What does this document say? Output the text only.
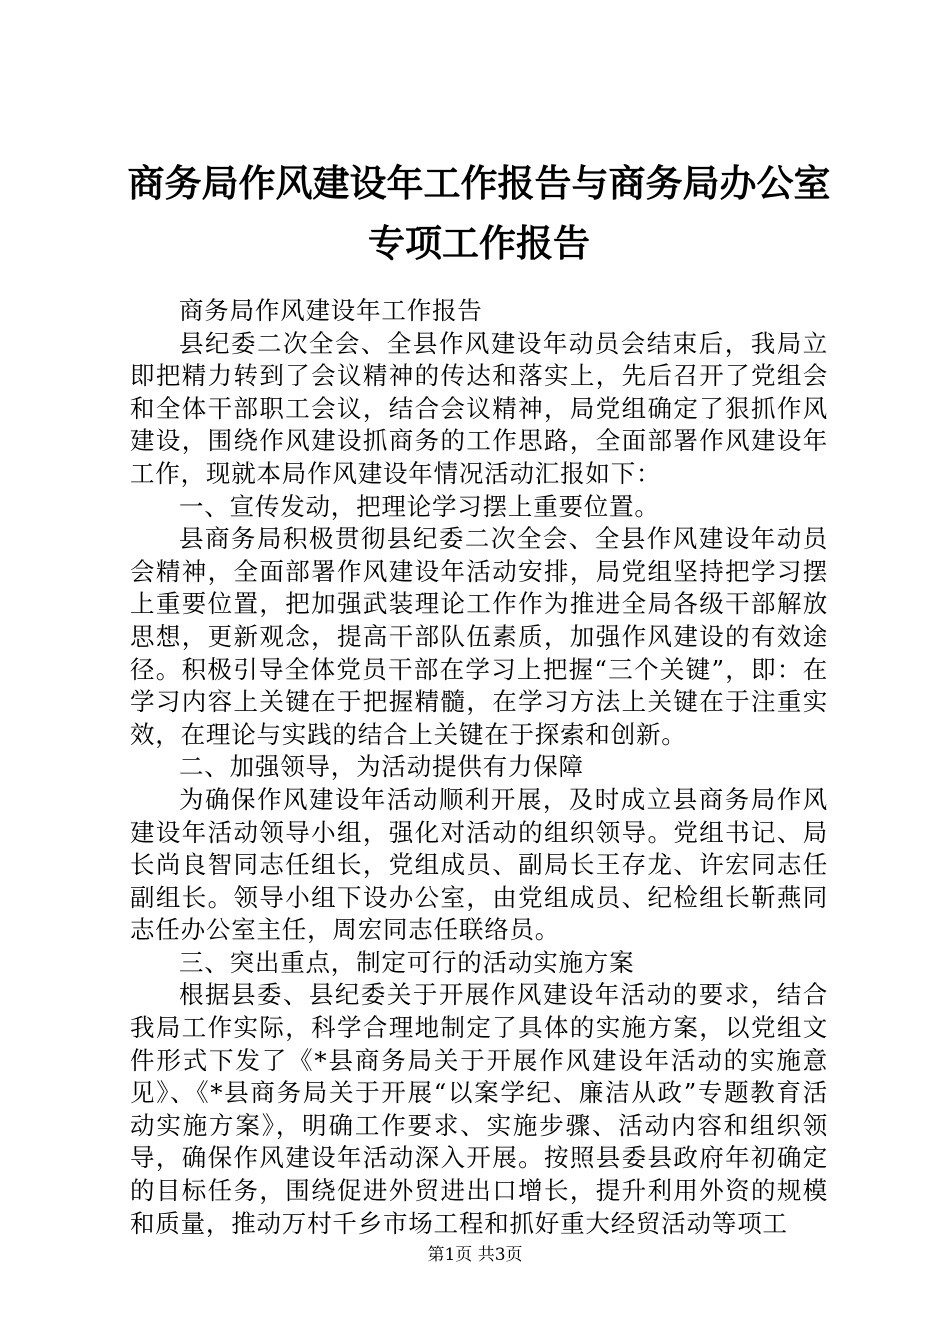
商务局作风建设年工作报告与商务局办公室专项工作报告

商务局作风建设年工作报告

县纪委二次全会、全县作风建设年动员会结束后，我局立即把精力转到了会议精神的传达和落实上，先后召开了党组会和全体干部职工会议，结合会议精神，局党组确定了狠抓作风建设，围绕作风建设抓商务的工作思路，全面部署作风建设年工作，现就本局作风建设年情况活动汇报如下：

一、宣传发动，把理论学习摆上重要位置。

县商务局积极贯彻县纪委二次全会、全县作风建设年动员会精神，全面部署作风建设年活动安排，局党组坚持把学习摆上重要位置，把加强武装理论工作作为推进全局各级干部解放思想，更新观念，提高干部队伍素质，加强作风建设的有效途径。积极引导全体党员干部在学习上把握“三个关键”，即：在学习内容上关键在于把握精髓，在学习方法上关键在于注重实效，在理论与实践的结合上关键在于探索和创新。

二、加强领导，为活动提供有力保障

为确保作风建设年活动顺利开展，及时成立县商务局作风建设年活动领导小组，强化对活动的组织领导。党组书记、局长尚良智同志任组长，党组成员、副局长王存龙、许宏同志任副组长。领导小组下设办公室，由党组成员、纪检组长靳燕同志任办公室主任，周宏同志任联络员。

三、突出重点，制定可行的活动实施方案

根据县委、县纪委关于开展作风建设年活动的要求，结合我局工作实际，科学合理地制定了具体的实施方案，以党组文件形式下发了《*县商务局关于开展作风建设年活动的实施意见》、《*县商务局关于开展“以案学纪、廉洁从政”专题教育活动实施方案》，明确工作要求、实施步骤、活动内容和组织领导，确保作风建设年活动深入开展。按照县委县政府年初确定的目标任务，围绕促进外贸进出口增长，提升利用外资的规模和质量，推动万村千乡市场工程和抓好重大经贸活动等项工

第1页 共3页
